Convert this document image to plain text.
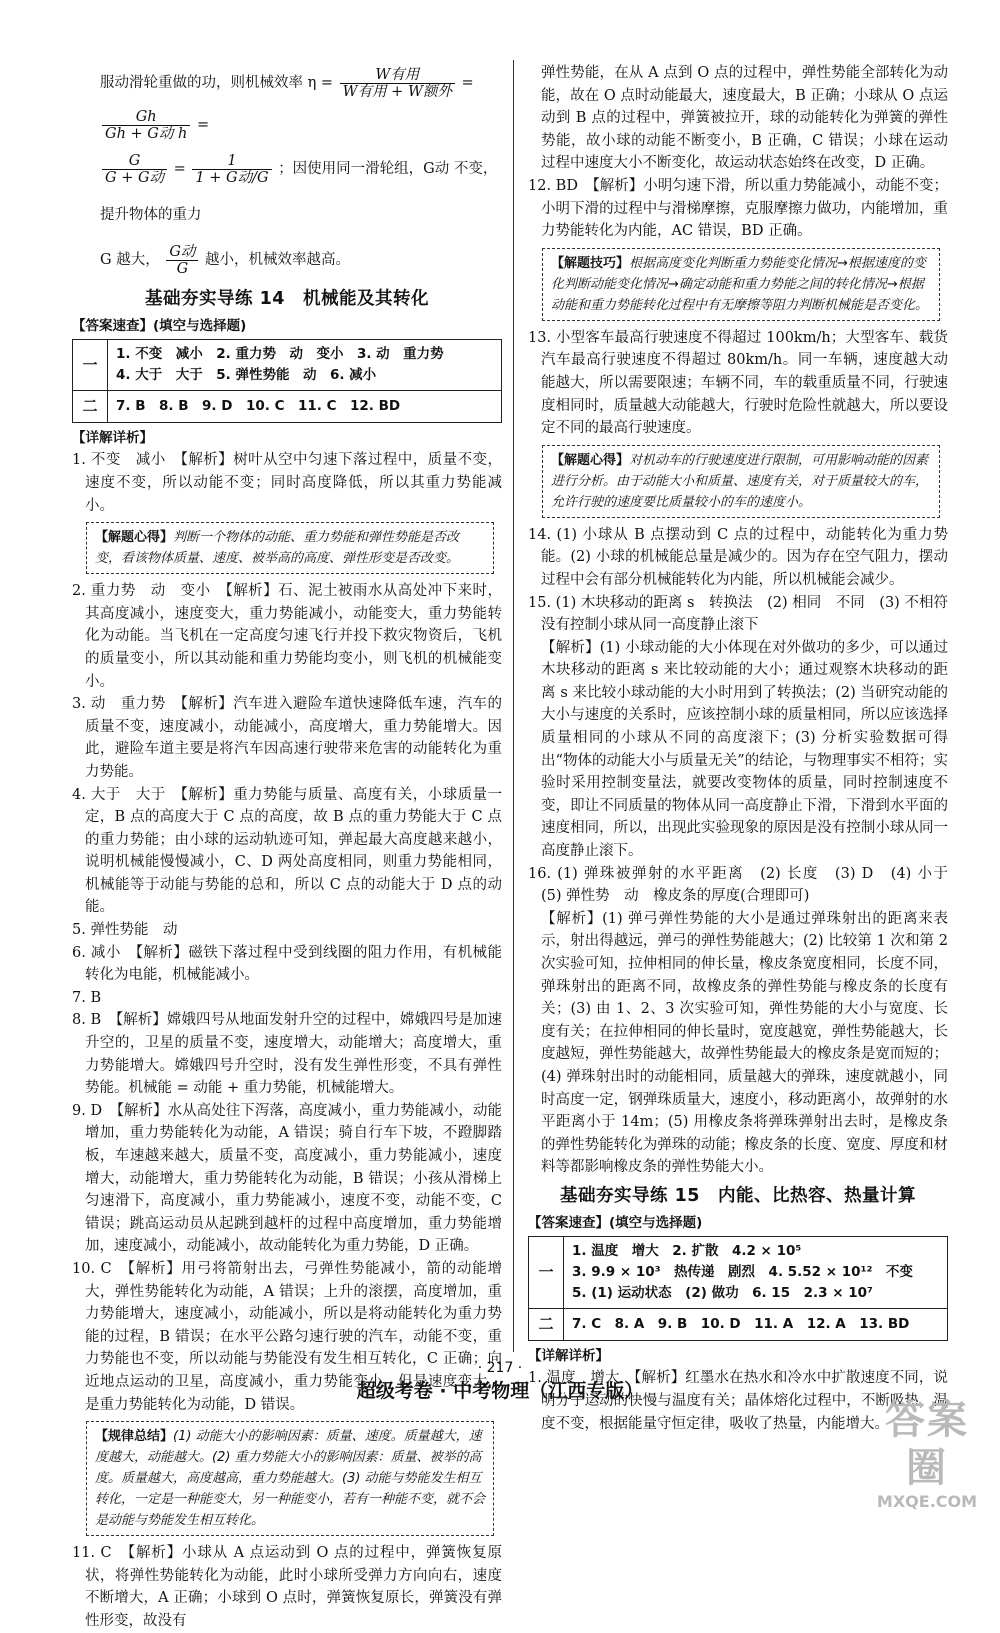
服动滑轮重做的功，则机械效率 $\eta = \frac{\text{W有用}}{\text{W有用 + W额外}}$ =
$\frac{Gh}{\text{Gh + G动 h}}$ =

$\frac{G}{\text{G + G动}} = \frac{1}{\text{1 + G动/G}}$ ；因使用同一滑轮组，G动 不变，提升物体的重力

G 越大， $\frac{\text{G动}}{G}$ 越小，机械效率越高。

基础夯实导练 14　机械能及其转化
【答案速查】(填空与选择题)
一	1. 不变　减小　2. 重力势　动　变小　3. 动　重力势
4. 大于　大于　5. 弹性势能　动　6. 减小

二	7. B　8. B　9. D　10. C　11. C　12. BD
【详解详析】

1. 不变　减小　【解析】树叶从空中匀速下落过程中，质量不变，速度不变，所以动能不变；同时高度降低，所以其重力势能减小。

【解题心得】判断一个物体的动能、重力势能和弹性势能是否改变，看该物体质量、速度、被举高的高度、弹性形变是否改变。

2. 重力势　动　变小　【解析】石、泥土被雨水从高处冲下来时，其高度减小，速度变大，重力势能减小，动能变大，重力势能转化为动能。当飞机在一定高度匀速飞行并投下救灾物资后，飞机的质量变小，所以其动能和重力势能均变小，则飞机的机械能变小。

3. 动　重力势　【解析】汽车进入避险车道快速降低车速，汽车的质量不变，速度减小，动能减小，高度增大，重力势能增大。因此，避险车道主要是将汽车因高速行驶带来危害的动能转化为重力势能。

4. 大于　大于　【解析】重力势能与质量、高度有关，小球质量一定，B 点的高度大于 C 点的高度，故 B 点的重力势能大于 C 点的重力势能；由小球的运动轨迹可知，弹起最大高度越来越小，说明机械能慢慢减小，C、D 两处高度相同，则重力势能相同，机械能等于动能与势能的总和，所以 C 点的动能大于 D 点的动能。

5. 弹性势能　动

6. 减小　【解析】磁铁下落过程中受到线圈的阻力作用，有机械能转化为电能，机械能减小。

7. B

8. B　【解析】嫦娥四号从地面发射升空的过程中，嫦娥四号是加速升空的，卫星的质量不变，速度增大，动能增大；高度增大，重力势能增大。嫦娥四号升空时，没有发生弹性形变，不具有弹性势能。机械能 = 动能 + 重力势能，机械能增大。

9. D　【解析】水从高处往下泻落，高度减小，重力势能减小，动能增加，重力势能转化为动能，A 错误；骑自行车下坡，不蹬脚踏板，车速越来越大，质量不变，高度减小，重力势能减小，速度增大，动能增大，重力势能转化为动能，B 错误；小孩从滑梯上匀速滑下，高度减小，重力势能减小，速度不变，动能不变，C 错误；跳高运动员从起跳到越杆的过程中高度增加，重力势能增加，速度减小，动能减小，故动能转化为重力势能，D 正确。

10. C　【解析】用弓将箭射出去，弓弹性势能减小，箭的动能增大，弹性势能转化为动能，A 错误；上升的滚摆，高度增加，重力势能增大，速度减小，动能减小，所以是将动能转化为重力势能的过程，B 错误；在水平公路匀速行驶的汽车，动能不变，重力势能也不变，所以动能与势能没有发生相互转化，C 正确；向近地点运动的卫星，高度减小，重力势能变小，但是速度变大，是重力势能转化为动能，D 错误。

【规律总结】(1) 动能大小的影响因素：质量、速度。质量越大，速度越大，动能越大。(2) 重力势能大小的影响因素：质量、被举的高度。质量越大，高度越高，重力势能越大。(3) 动能与势能发生相互转化，一定是一种能变大，另一种能变小，若有一种能不变，就不会是动能与势能发生相互转化。

11. C　【解析】小球从 A 点运动到 O 点的过程中，弹簧恢复原状，将弹性势能转化为动能，此时小球所受弹力方向向右，速度不断增大，A 正确；小球到 O 点时，弹簧恢复原长，弹簧没有弹性形变，故没有

弹性势能，在从 A 点到 O 点的过程中，弹性势能全部转化为动能，故在 O 点时动能最大，速度最大，B 正确；小球从 O 点运动到 B 点的过程中，弹簧被拉开，球的动能转化为弹簧的弹性势能，故小球的动能不断变小，B 正确，C 错误；小球在运动过程中速度大小不断变化，故运动状态始终在改变，D 正确。

12. BD　【解析】小明匀速下滑，所以重力势能减小，动能不变；小明下滑的过程中与滑梯摩擦，克服摩擦力做功，内能增加，重力势能转化为内能，AC 错误，BD 正确。

【解题技巧】根据高度变化判断重力势能变化情况→根据速度的变化判断动能变化情况→确定动能和重力势能之间的转化情况→根据动能和重力势能转化过程中有无摩擦等阻力判断机械能是否变化。

13. 小型客车最高行驶速度不得超过 100km/h；大型客车、载货汽车最高行驶速度不得超过 80km/h。同一车辆，速度越大动能越大，所以需要限速；车辆不同，车的载重质量不同，行驶速度相同时，质量越大动能越大，行驶时危险性就越大，所以要设定不同的最高行驶速度。

【解题心得】对机动车的行驶速度进行限制，可用影响动能的因素进行分析。由于动能大小和质量、速度有关，对于质量较大的车，允许行驶的速度要比质量较小的车的速度小。

14. (1) 小球从 B 点摆动到 C 点的过程中，动能转化为重力势能。(2) 小球的机械能总量是减少的。因为存在空气阻力，摆动过程中会有部分机械能转化为内能，所以机械能会减少。

15. (1) 木块移动的距离 s　转换法　(2) 相同　不同　(3) 不相符　没有控制小球从同一高度静止滚下

【解析】(1) 小球动能的大小体现在对外做功的多少，可以通过木块移动的距离 s 来比较动能的大小；通过观察木块移动的距离 s 来比较小球动能的大小时用到了转换法；(2) 当研究动能的大小与速度的关系时，应该控制小球的质量相同，所以应该选择质量相同的小球从不同的高度滚下；(3) 分析实验数据可得出“物体的动能大小与质量无关”的结论，与物理事实不相符；实验时采用控制变量法，就要改变物体的质量，同时控制速度不变，即让不同质量的物体从同一高度静止下滑，下滑到水平面的速度相同，所以，出现此实验现象的原因是没有控制小球从同一高度静止滚下。

16. (1) 弹珠被弹射的水平距离　(2) 长度　(3) D　(4) 小于　(5) 弹性势　动　橡皮条的厚度(合理即可)

【解析】(1) 弹弓弹性势能的大小是通过弹珠射出的距离来表示，射出得越远，弹弓的弹性势能越大；(2) 比较第 1 次和第 2 次实验可知，拉伸相同的伸长量，橡皮条宽度相同，长度不同，弹珠射出的距离不同，故橡皮条的弹性势能与橡皮条的长度有关；(3) 由 1、2、3 次实验可知，弹性势能的大小与宽度、长度有关；在拉伸相同的伸长量时，宽度越宽，弹性势能越大，长度越短，弹性势能越大，故弹性势能最大的橡皮条是宽而短的；(4) 弹珠射出时的动能相同，质量越大的弹珠，速度就越小，同时高度一定，钢弹珠质量大，速度小，移动距离小，故弹射的水平距离小于 14m；(5) 用橡皮条将弹珠弹射出去时，是橡皮条的弹性势能转化为弹珠的动能；橡皮条的长度、宽度、厚度和材料等都影响橡皮条的弹性势能大小。

基础夯实导练 15　内能、比热容、热量计算
【答案速查】(填空与选择题)
一	1. 温度　增大　2. 扩散　4.2 × 10⁵
3. 9.9 × 10³　热传递　剧烈　4. 5.52 × 10¹²　不变
5. (1) 运动状态　(2) 做功　6. 15　2.3 × 10⁷

二	7. C　8. A　9. B　10. D　11. A　12. A　13. BD
【详解详析】

1. 温度　增大　【解析】红墨水在热水和冷水中扩散速度不同，说明分子运动的快慢与温度有关；晶体熔化过程中，不断吸热，温度不变，根据能量守恒定律，吸收了热量，内能增大。

· 217 ·
超级考卷 · 中考物理（江西专版）
答案圈
MXQE.COM
